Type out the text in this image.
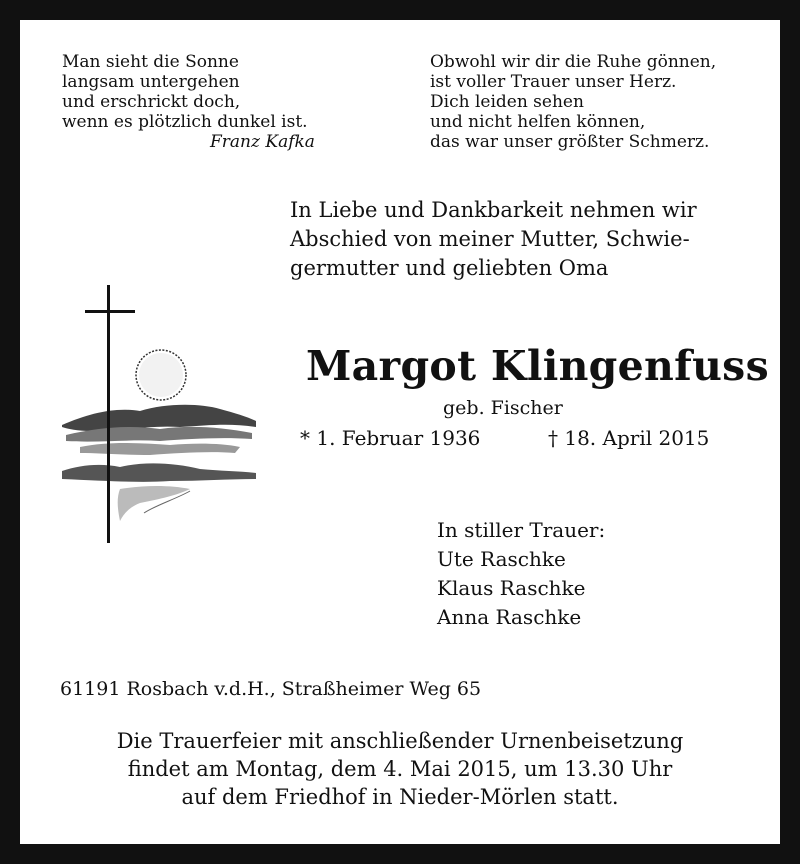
Man sieht die Sonne
langsam untergehen
und erschrickt doch,
wenn es plötzlich dunkel ist.
Franz Kafka
Obwohl wir dir die Ruhe gönnen,
ist voller Trauer unser Herz.
Dich leiden sehen
und nicht helfen können,
das war unser größter Schmerz.
In Liebe und Dankbarkeit nehmen wir
Abschied von meiner Mutter, Schwie-
germutter und geliebten Oma
Margot Klingenfuss
geb. Fischer
* 1. Februar 1936	† 18. April 2015
In stiller Trauer:
Ute Raschke
Klaus Raschke
Anna Raschke
61191 Rosbach v.d.H., Straßheimer Weg 65
Die Trauerfeier mit anschließender Urnenbeisetzung
findet am Montag, dem 4. Mai 2015, um 13.30 Uhr
auf dem Friedhof in Nieder-Mörlen statt.
